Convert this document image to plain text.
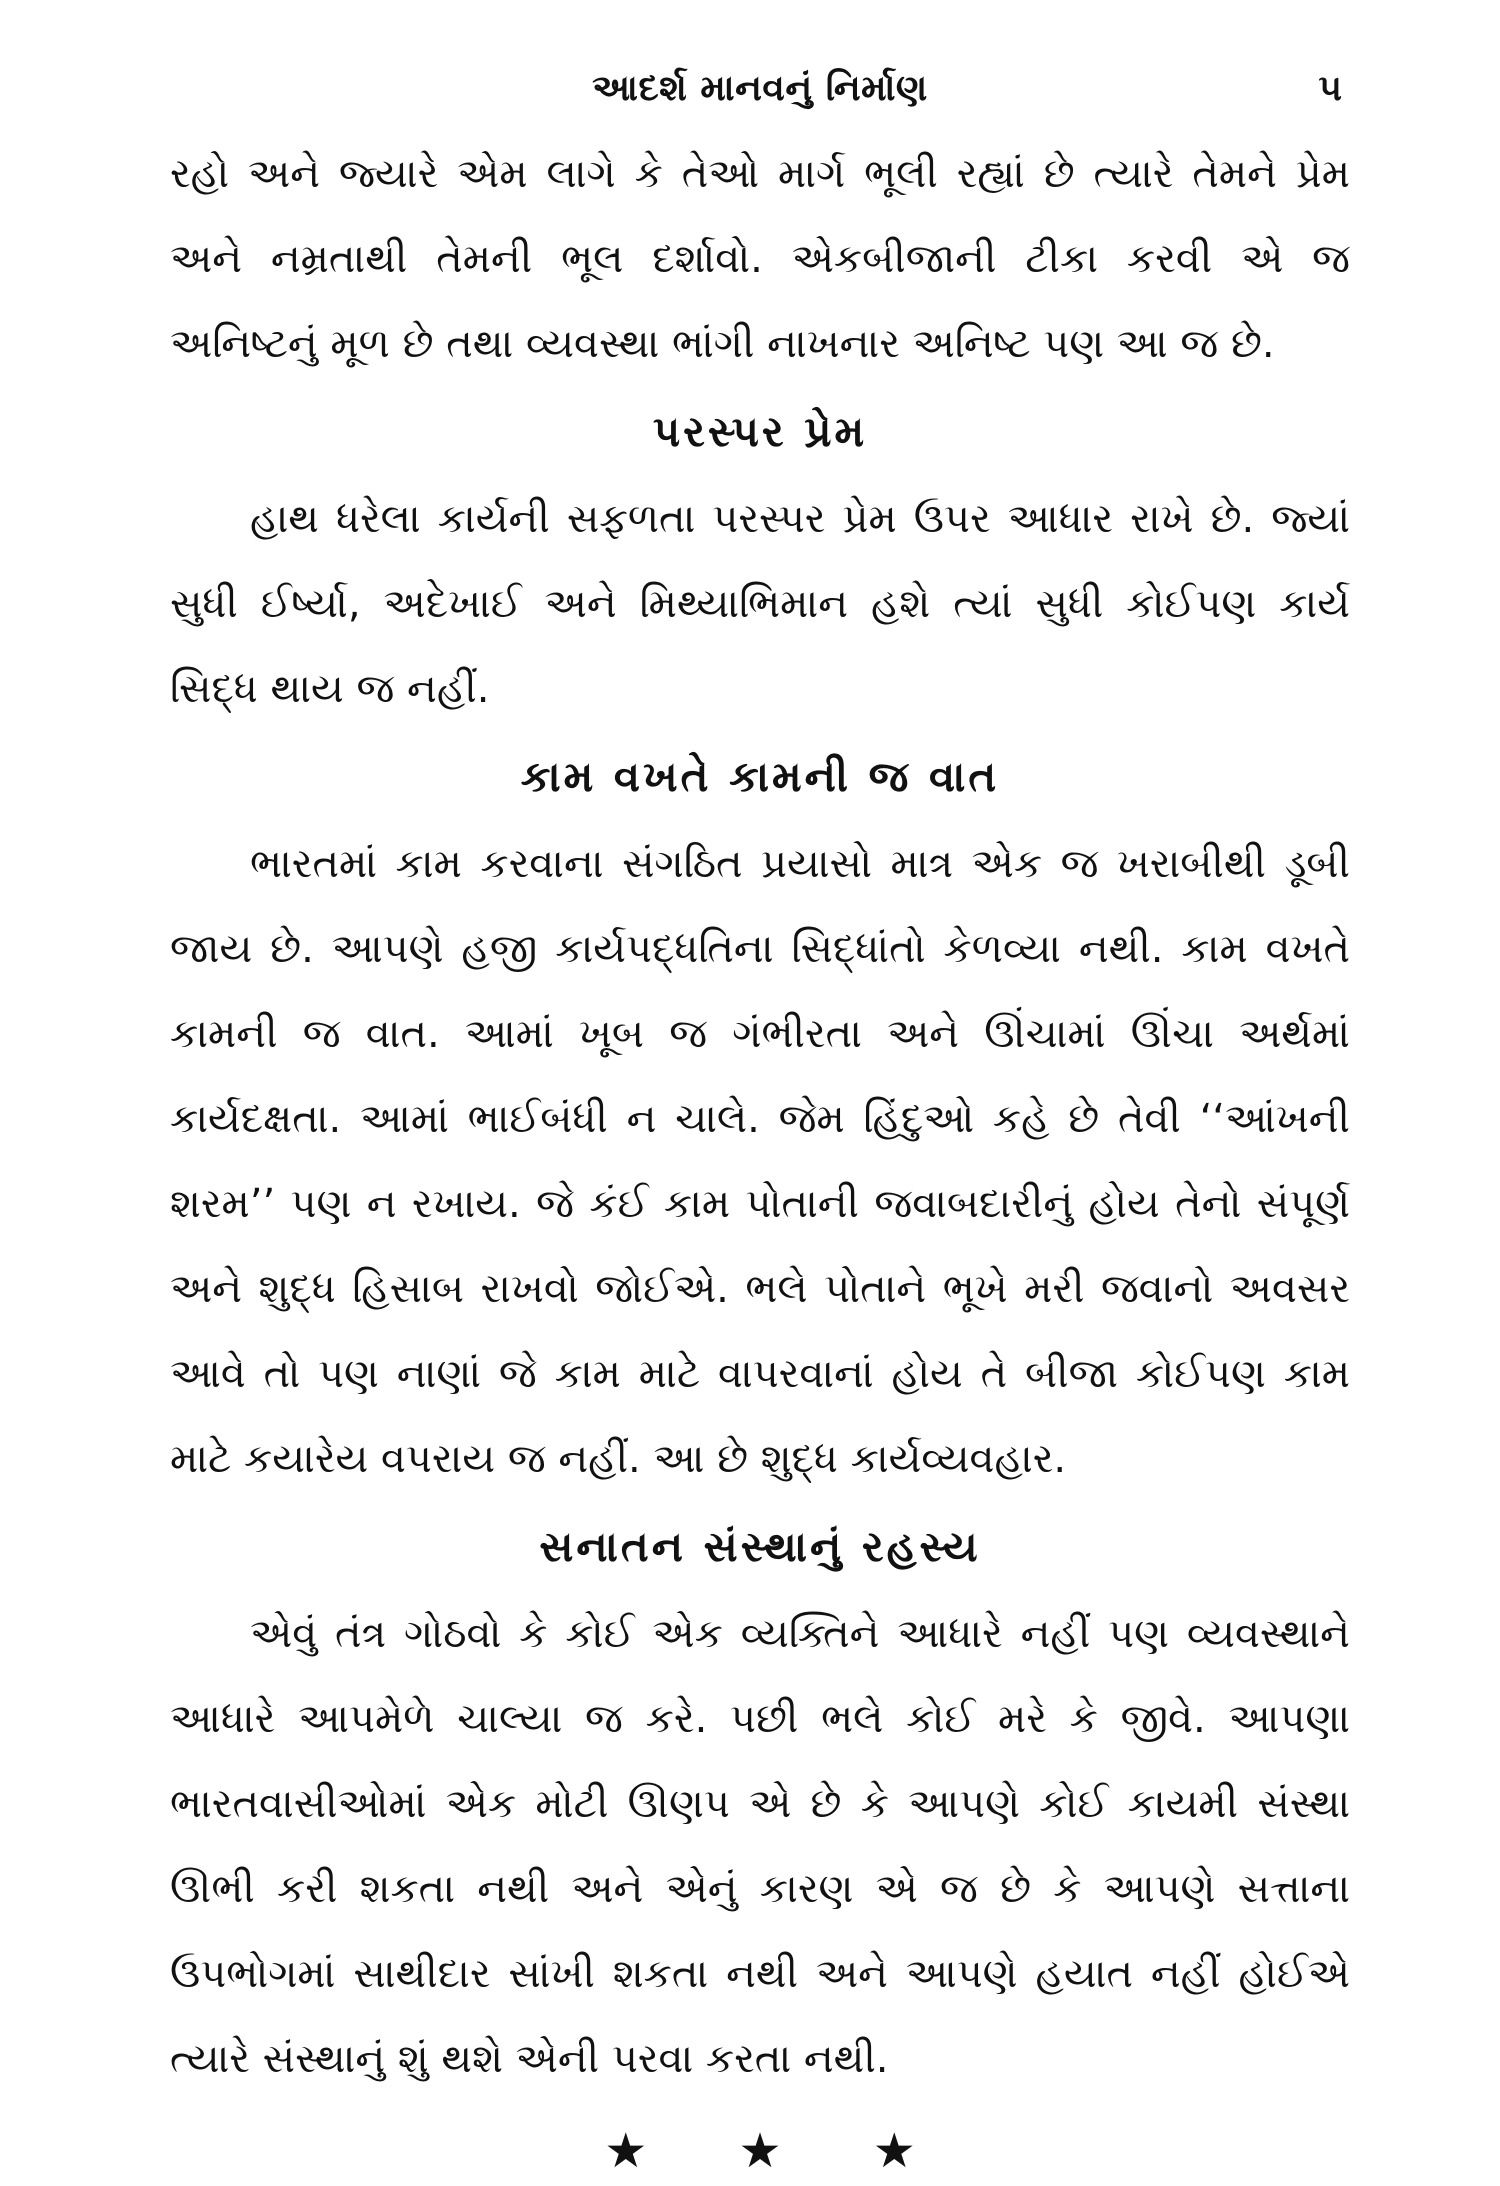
આદર્શ માનવનું નિર્માણ	૫

રહો અને જ્યારે એમ લાગે કે તેઓ માર્ગ ભૂલી રહ્યાં છે ત્યારે તેમને પ્રેમ અને નમ્રતાથી તેમની ભૂલ દર્શાવો. એકબીજાની ટીકા કરવી એ જ અનિષ્ટનું મૂળ છે તથા વ્યવસ્થા ભાંગી નાખનાર અનિષ્ટ પણ આ જ છે.

પરસ્પર પ્રેમ

હાથ ધરેલા કાર્યની સફળતા પરસ્પર પ્રેમ ઉપર આધાર રાખે છે. જ્યાં સુધી ઈર્ષ્યા, અદેખાઈ અને મિથ્યાભિમાન હશે ત્યાં સુધી કોઈપણ કાર્ય સિદ્ધ થાય જ નહીં.

કામ વખતે કામની જ વાત

ભારતમાં કામ કરવાના સંગઠિત પ્રયાસો માત્ર એક જ ખરાબીથી ડૂબી જાય છે. આપણે હજી કાર્યપદ્ધતિના સિદ્ધાંતો કેળવ્યા નથી. કામ વખતે કામની જ વાત. આમાં ખૂબ જ ગંભીરતા અને ઊંચામાં ઊંચા અર્થમાં કાર્યદક્ષતા. આમાં ભાઈબંધી ન ચાલે. જેમ હિંદુઓ કહે છે તેવી ‘‘આંખની શરમ’’ પણ ન રખાય. જે કંઈ કામ પોતાની જવાબદારીનું હોય તેનો સંપૂર્ણ અને શુદ્ધ હિસાબ રાખવો જોઈએ. ભલે પોતાને ભૂખે મરી જવાનો અવસર આવે તો પણ નાણાં જે કામ માટે વાપરવાનાં હોય તે બીજા કોઈપણ કામ માટે કયારેય વપરાય જ નહીં. આ છે શુદ્ધ કાર્યવ્યવહાર.

સનાતન સંસ્થાનું રહસ્ય

એવું તંત્ર ગોઠવો કે કોઈ એક વ્યક્તિને આધારે નહીં પણ વ્યવસ્થાને આધારે આપમેળે ચાલ્યા જ કરે. પછી ભલે કોઈ મરે કે જીવે. આપણા ભારતવાસીઓમાં એક મોટી ઊણપ એ છે કે આપણે કોઈ કાયમી સંસ્થા ઊભી કરી શકતા નથી અને એનું કારણ એ જ છે કે આપણે સત્તાના ઉપભોગમાં સાથીદાર સાંખી શકતા નથી અને આપણે હયાત નહીં હોઈએ ત્યારે સંસ્થાનું શું થશે એની પરવા કરતા નથી.

★ ★ ★
